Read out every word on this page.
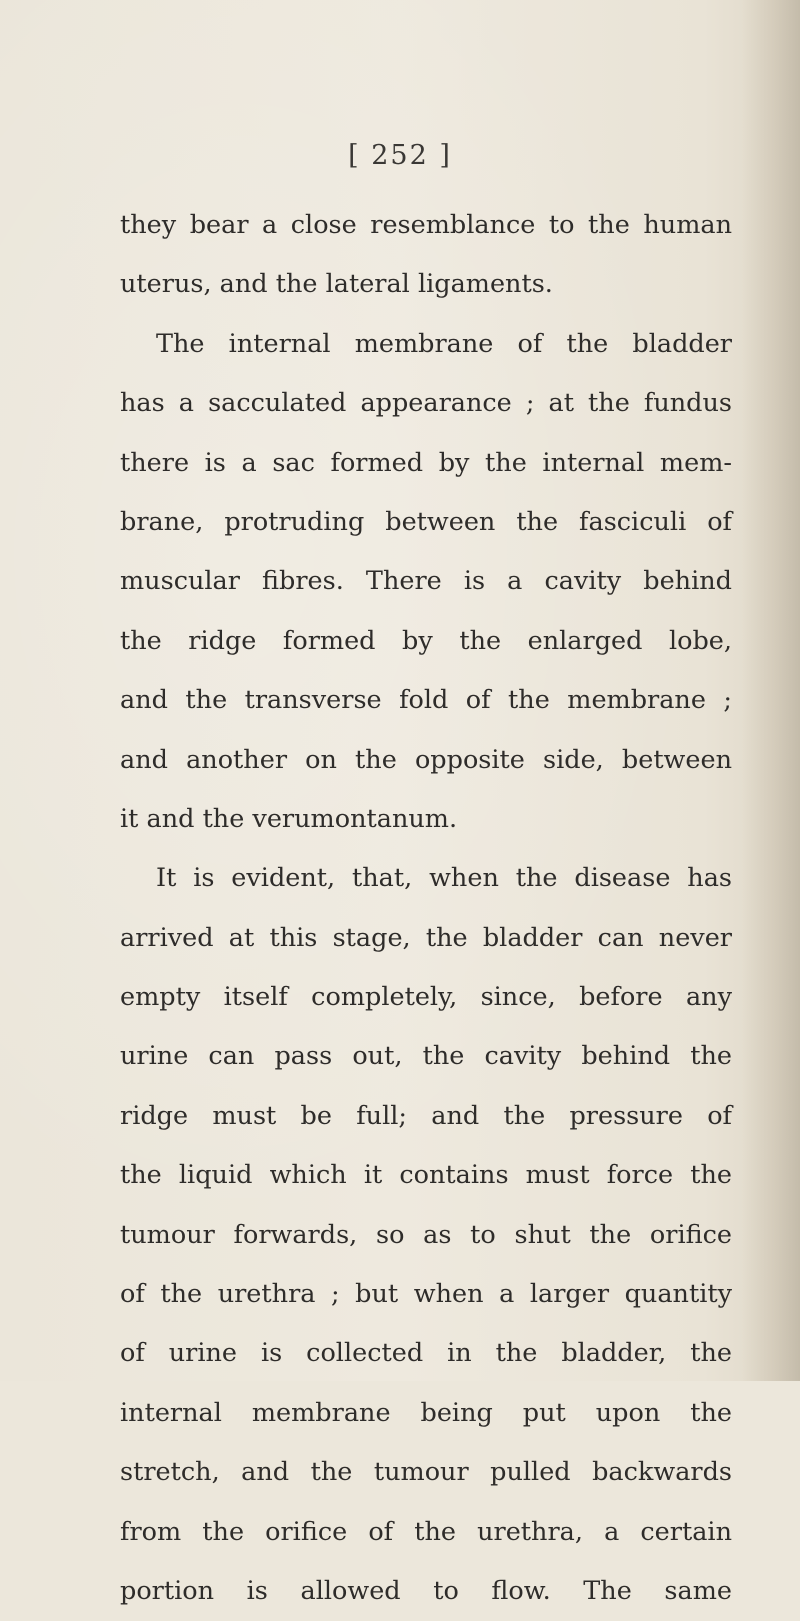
[ 252 ]
they bear a close resemblance to the human
uterus, and the lateral ligaments.
The internal membrane of the bladder
has a sacculated appearance ; at the fundus
there is a sac formed by the internal mem-
brane, protruding between the fasciculi of
muscular fibres. There is a cavity behind
the ridge formed by the enlarged lobe,
and the transverse fold of the membrane ;
and another on the opposite side, between
it and the verumontanum.
It is evident, that, when the disease has
arrived at this stage, the bladder can never
empty itself completely, since, before any
urine can pass out, the cavity behind the
ridge must be full; and the pressure of
the liquid which it contains must force the
tumour forwards, so as to shut the orifice
of the urethra ; but when a larger quantity
of urine is collected in the bladder, the
internal membrane being put upon the
stretch, and the tumour pulled backwards
from the orifice of the urethra, a certain
portion is allowed to flow. The same
